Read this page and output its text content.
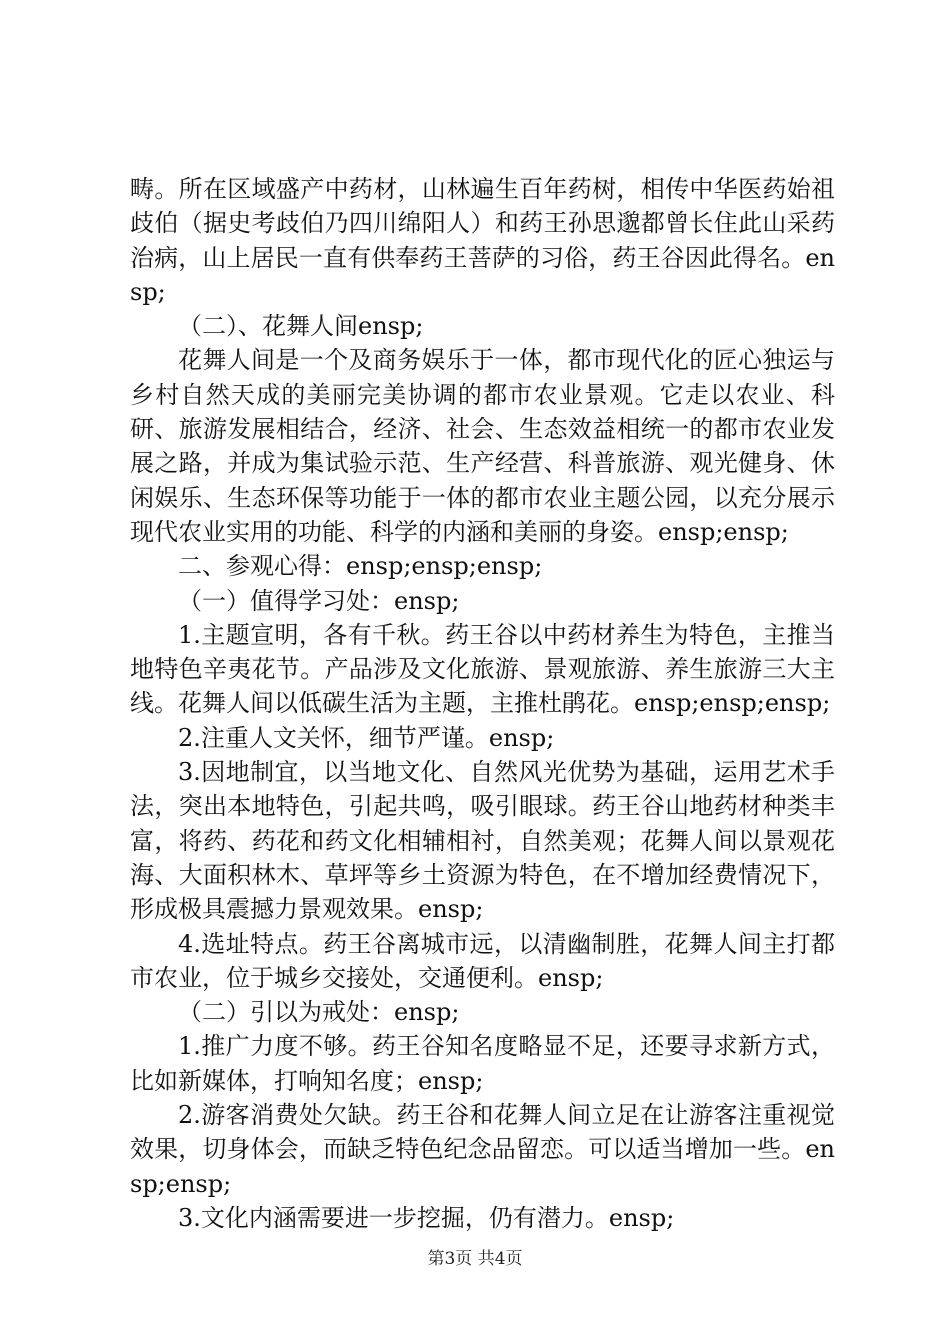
畴。所在区域盛产中药材，山林遍生百年药树，相传中华医药始祖歧伯（据史考歧伯乃四川绵阳人）和药王孙思邈都曾长住此山采药治病，山上居民一直有供奉药王菩萨的习俗，药王谷因此得名。ensp;

（二）、花舞人间ensp;

花舞人间是一个及商务娱乐于一体，都市现代化的匠心独运与乡村自然天成的美丽完美协调的都市农业景观。它走以农业、科研、旅游发展相结合，经济、社会、生态效益相统一的都市农业发展之路，并成为集试验示范、生产经营、科普旅游、观光健身、休闲娱乐、生态环保等功能于一体的都市农业主题公园，以充分展示现代农业实用的功能、科学的内涵和美丽的身姿。ensp;ensp;

二、参观心得：ensp;ensp;ensp;

（一）值得学习处：ensp;

1.主题宣明，各有千秋。药王谷以中药材养生为特色，主推当地特色辛夷花节。产品涉及文化旅游、景观旅游、养生旅游三大主线。花舞人间以低碳生活为主题，主推杜鹃花。ensp;ensp;ensp;

2.注重人文关怀，细节严谨。ensp;

3.因地制宜，以当地文化、自然风光优势为基础，运用艺术手法，突出本地特色，引起共鸣，吸引眼球。药王谷山地药材种类丰富，将药、药花和药文化相辅相衬，自然美观；花舞人间以景观花海、大面积林木、草坪等乡土资源为特色，在不增加经费情况下，形成极具震撼力景观效果。ensp;

4.选址特点。药王谷离城市远，以清幽制胜，花舞人间主打都市农业，位于城乡交接处，交通便利。ensp;

（二）引以为戒处：ensp;

1.推广力度不够。药王谷知名度略显不足，还要寻求新方式，比如新媒体，打响知名度；ensp;

2.游客消费处欠缺。药王谷和花舞人间立足在让游客注重视觉效果，切身体会，而缺乏特色纪念品留恋。可以适当增加一些。ensp;ensp;

3.文化内涵需要进一步挖掘，仍有潜力。ensp;

第3页 共4页
